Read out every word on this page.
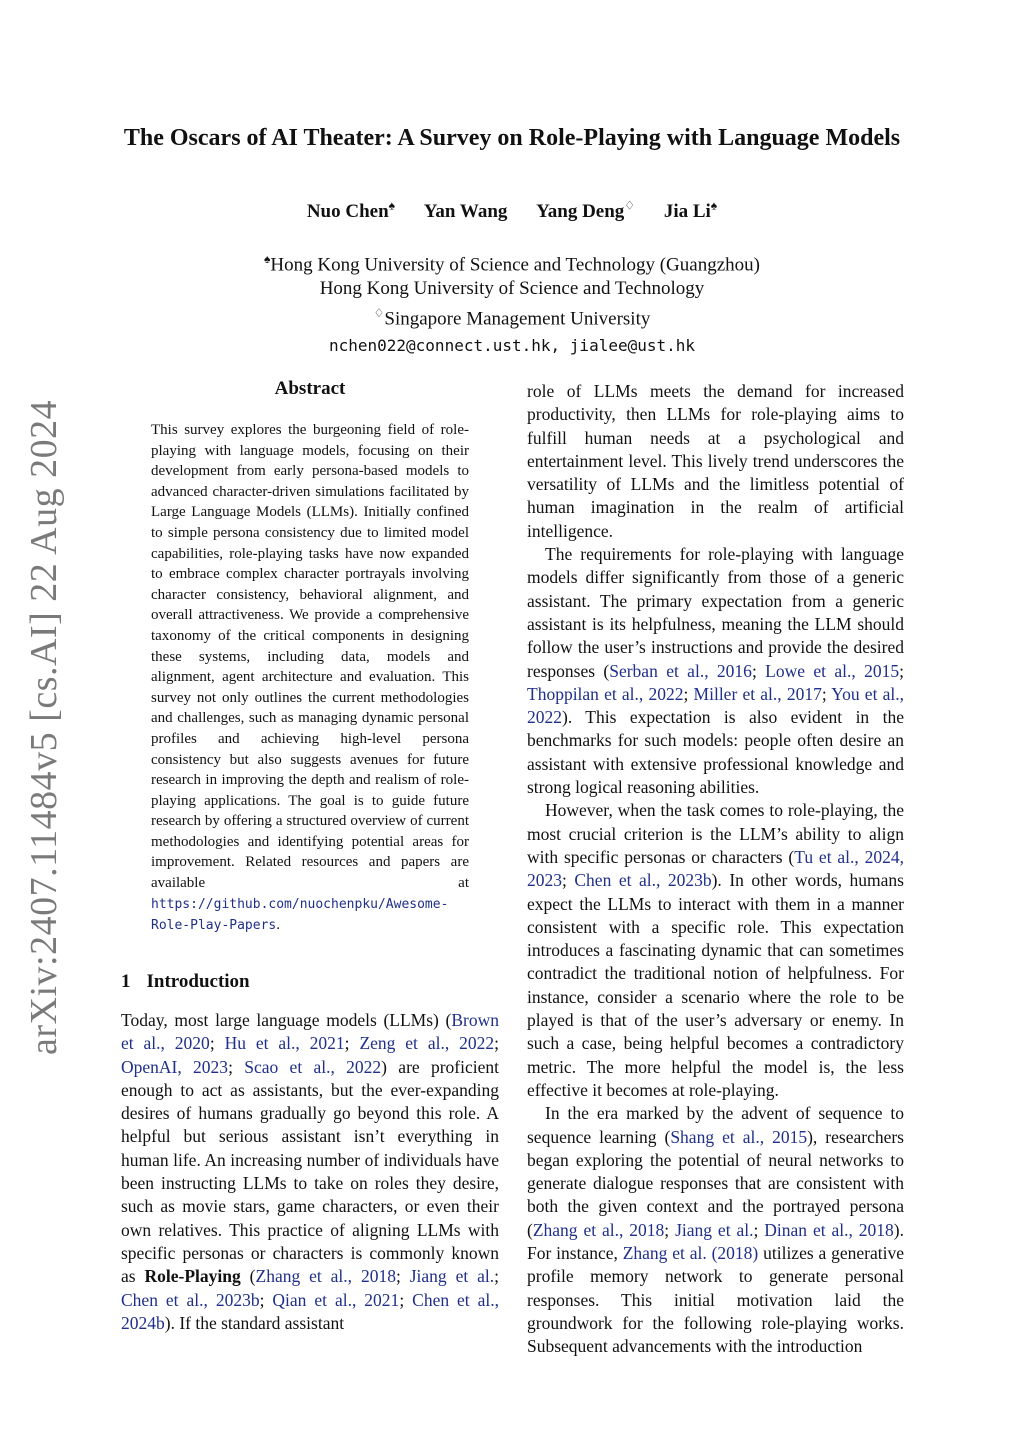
arXiv:2407.11484v5 [cs.AI] 22 Aug 2024
The Oscars of AI Theater: A Survey on Role-Playing with Language Models
Nuo Chen♠ Yan Wang Yang Deng♢ Jia Li♠
♠Hong Kong University of Science and Technology (Guangzhou)
Hong Kong University of Science and Technology
♢Singapore Management University
nchen022@connect.ust.hk, jialee@ust.hk
Abstract
This survey explores the burgeoning field of role-playing with language models, focusing on their development from early persona-based models to advanced character-driven simulations facilitated by Large Language Models (LLMs). Initially confined to simple persona consistency due to limited model capabilities, role-playing tasks have now expanded to embrace complex character portrayals involving character consistency, behavioral alignment, and overall attractiveness. We provide a comprehensive taxonomy of the critical components in designing these systems, including data, models and alignment, agent architecture and evaluation. This survey not only outlines the current methodologies and challenges, such as managing dynamic personal profiles and achieving high-level persona consistency but also suggests avenues for future research in improving the depth and realism of role-playing applications. The goal is to guide future research by offering a structured overview of current methodologies and identifying potential areas for improvement. Related resources and papers are available at https://github.com/nuochenpku/Awesome-Role-Play-Papers.
1 Introduction

Today, most large language models (LLMs) (Brown et al., 2020; Hu et al., 2021; Zeng et al., 2022; OpenAI, 2023; Scao et al., 2022) are proficient enough to act as assistants, but the ever-expanding desires of humans gradually go beyond this role. A helpful but serious assistant isn’t everything in human life. An increasing number of individuals have been instructing LLMs to take on roles they desire, such as movie stars, game characters, or even their own relatives. This practice of aligning LLMs with specific personas or characters is commonly known as Role-Playing (Zhang et al., 2018; Jiang et al.; Chen et al., 2023b; Qian et al., 2021; Chen et al., 2024b). If the standard assistant

role of LLMs meets the demand for increased productivity, then LLMs for role-playing aims to fulfill human needs at a psychological and entertainment level. This lively trend underscores the versatility of LLMs and the limitless potential of human imagination in the realm of artificial intelligence.

The requirements for role-playing with language models differ significantly from those of a generic assistant. The primary expectation from a generic assistant is its helpfulness, meaning the LLM should follow the user’s instructions and provide the desired responses (Serban et al., 2016; Lowe et al., 2015; Thoppilan et al., 2022; Miller et al., 2017; You et al., 2022). This expectation is also evident in the benchmarks for such models: people often desire an assistant with extensive professional knowledge and strong logical reasoning abilities.

However, when the task comes to role-playing, the most crucial criterion is the LLM’s ability to align with specific personas or characters (Tu et al., 2024, 2023; Chen et al., 2023b). In other words, humans expect the LLMs to interact with them in a manner consistent with a specific role. This expectation introduces a fascinating dynamic that can sometimes contradict the traditional notion of helpfulness. For instance, consider a scenario where the role to be played is that of the user’s adversary or enemy. In such a case, being helpful becomes a contradictory metric. The more helpful the model is, the less effective it becomes at role-playing.

In the era marked by the advent of sequence to sequence learning (Shang et al., 2015), researchers began exploring the potential of neural networks to generate dialogue responses that are consistent with both the given context and the portrayed persona (Zhang et al., 2018; Jiang et al.; Dinan et al., 2018). For instance, Zhang et al. (2018) utilizes a generative profile memory network to generate personal responses. This initial motivation laid the groundwork for the following role-playing works. Subsequent advancements with the introduction
